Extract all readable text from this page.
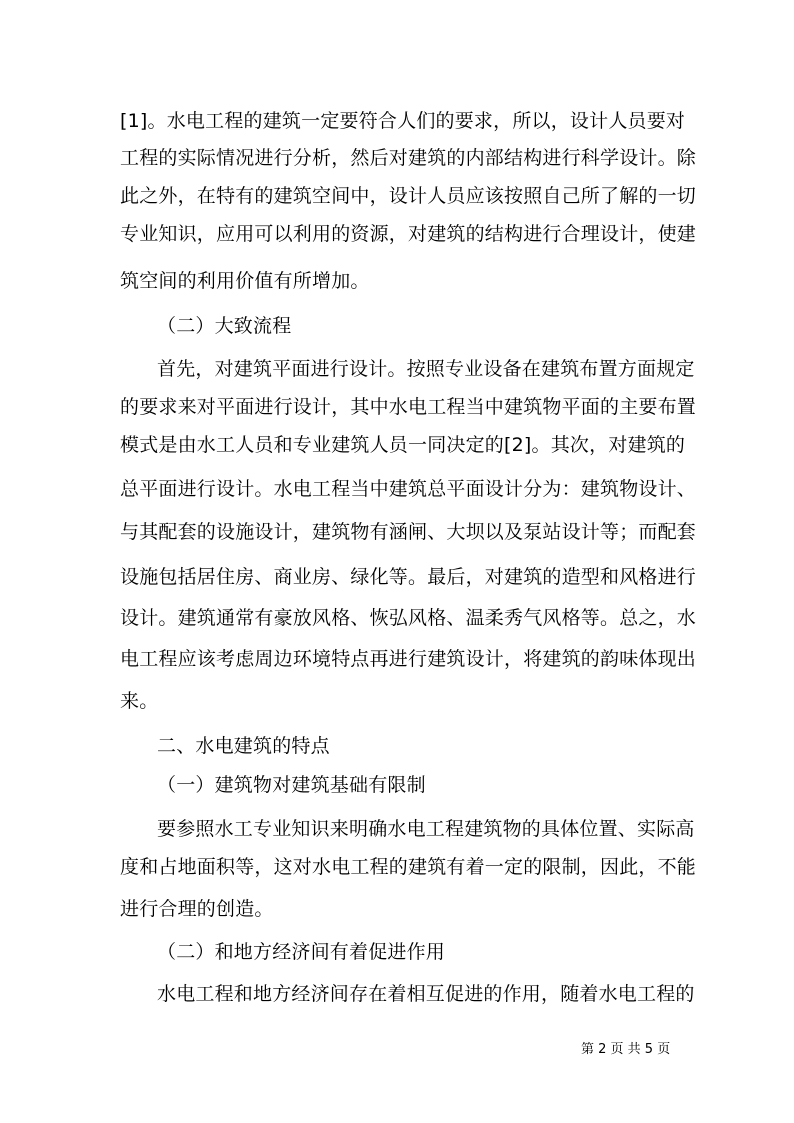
[1]。水电工程的建筑一定要符合人们的要求，所以，设计人员要对
工程的实际情况进行分析，然后对建筑的内部结构进行科学设计。除
此之外，在特有的建筑空间中，设计人员应该按照自己所了解的一切
专业知识，应用可以利用的资源，对建筑的结构进行合理设计，使建
筑空间的利用价值有所增加。
（二）大致流程
首先，对建筑平面进行设计。按照专业设备在建筑布置方面规定
的要求来对平面进行设计，其中水电工程当中建筑物平面的主要布置
模式是由水工人员和专业建筑人员一同决定的[2]。其次，对建筑的
总平面进行设计。水电工程当中建筑总平面设计分为：建筑物设计、
与其配套的设施设计，建筑物有涵闸、大坝以及泵站设计等；而配套
设施包括居住房、商业房、绿化等。最后，对建筑的造型和风格进行
设计。建筑通常有豪放风格、恢弘风格、温柔秀气风格等。总之，水
电工程应该考虑周边环境特点再进行建筑设计，将建筑的韵味体现出
来。
二、水电建筑的特点
（一）建筑物对建筑基础有限制
要参照水工专业知识来明确水电工程建筑物的具体位置、实际高
度和占地面积等，这对水电工程的建筑有着一定的限制，因此，不能
进行合理的创造。
（二）和地方经济间有着促进作用
水电工程和地方经济间存在着相互促进的作用，随着水电工程的
第 2 页 共 5 页
